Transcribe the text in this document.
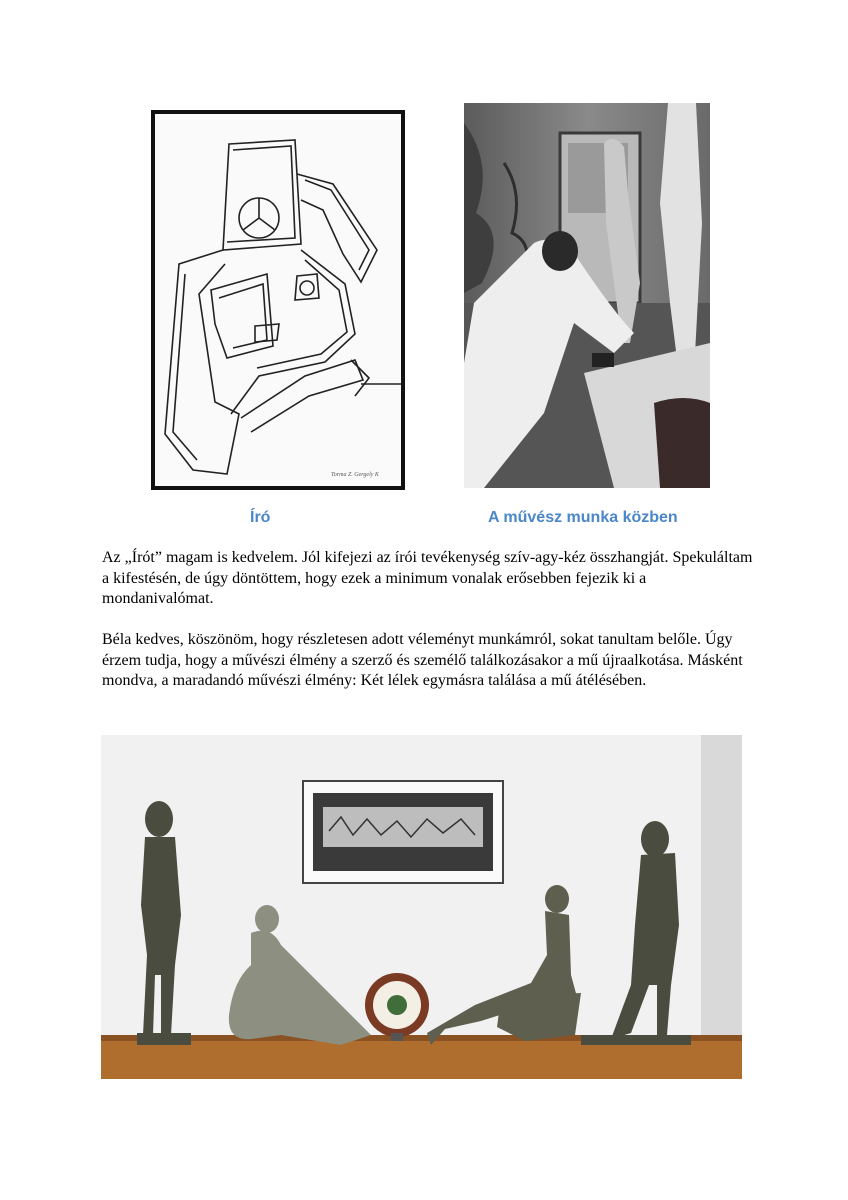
Torma Z. Gergely K
Író	A művész munka közben

Az „Írót” magam is kedvelem. Jól kifejezi az írói tevékenység szív-agy-kéz összhangját. Spekuláltam a kifestésén, de úgy döntöttem, hogy ezek a minimum vonalak erősebben fejezik ki a mondanivalómat.

Béla kedves, köszönöm, hogy részletesen adott véleményt munkámról, sokat tanultam belőle. Úgy érzem tudja, hogy a művészi élmény a szerző és személő találkozásakor a mű újraalkotása. Másként mondva, a maradandó művészi élmény: Két lélek egymásra találása a mű átélésében.
